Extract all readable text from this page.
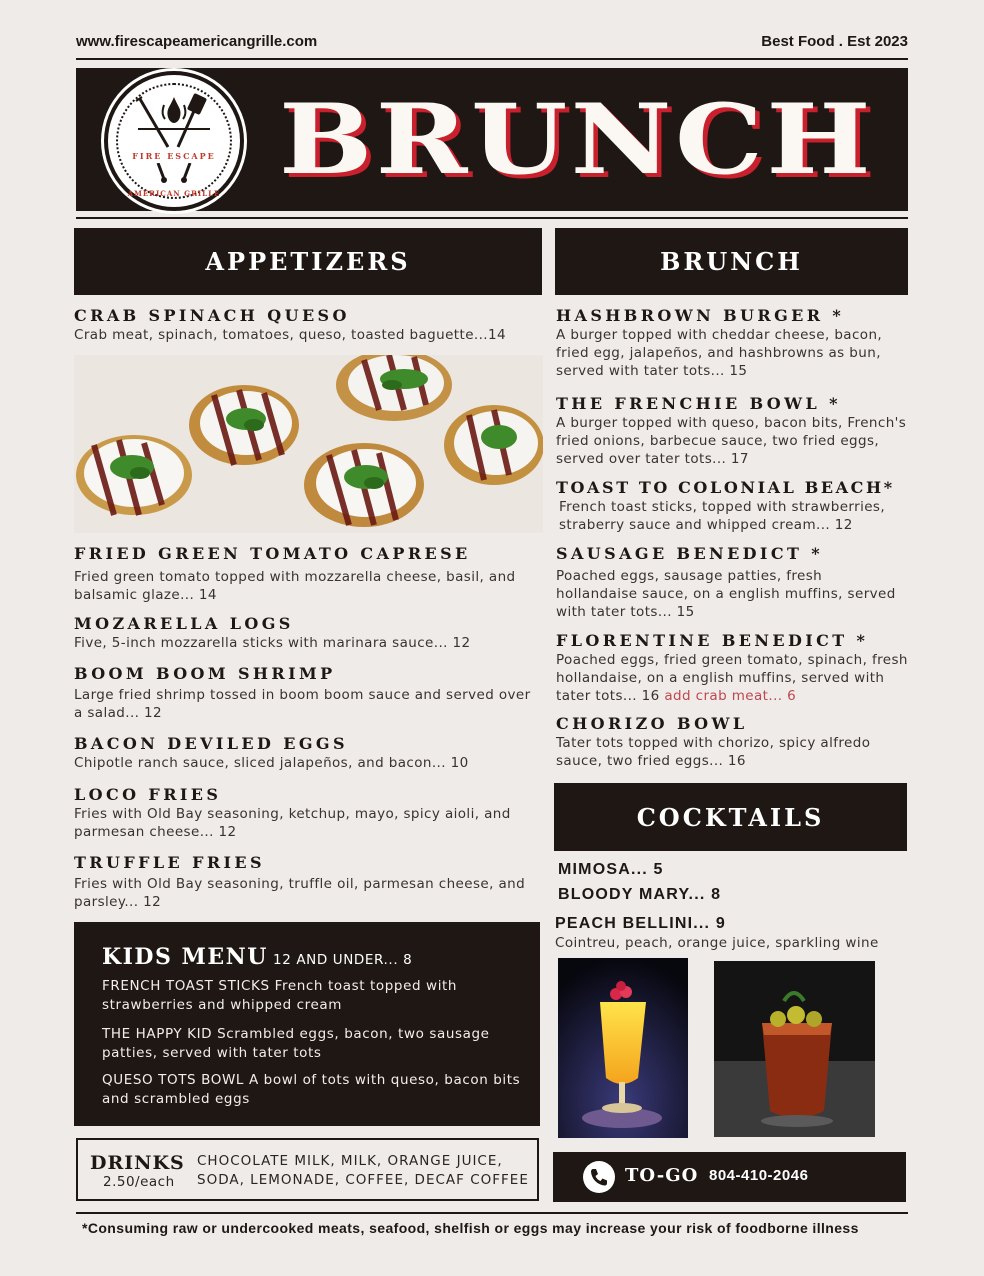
www.firescapeamericangrille.com	Best Food . Est 2023
FIRE ESCAPE
AMERICAN GRILLE BRUNCH
APPETIZERS	BRUNCH
CRAB SPINACH QUESO
Crab meat, spinach, tomatoes, queso, toasted baguette...14
FRIED GREEN TOMATO CAPRESE
Fried green tomato topped with mozzarella cheese, basil, and balsamic glaze... 14
MOZARELLA LOGS
Five, 5-inch mozzarella sticks with marinara sauce... 12
BOOM BOOM SHRIMP
Large fried shrimp tossed in boom boom sauce and served over a salad... 12
BACON DEVILED EGGS
Chipotle ranch sauce, sliced jalapeños, and bacon... 10
LOCO FRIES
Fries with Old Bay seasoning, ketchup, mayo, spicy aioli, and parmesan cheese... 12
TRUFFLE FRIES
Fries with Old Bay seasoning, truffle oil, parmesan cheese, and parsley... 12
HASHBROWN BURGER *
A burger topped with cheddar cheese, bacon, fried egg, jalapeños, and hashbrowns as bun, served with tater tots... 15
THE FRENCHIE BOWL *
A burger topped with queso, bacon bits, French's fried onions, barbecue sauce, two fried eggs, served over tater tots... 17
TOAST TO COLONIAL BEACH*
French toast sticks, topped with strawberries, straberry sauce and whipped cream... 12
SAUSAGE BENEDICT *
Poached eggs, sausage patties, fresh hollandaise sauce, on a english muffins, served with tater tots... 15
FLORENTINE BENEDICT *
Poached eggs, fried green tomato, spinach, fresh hollandaise, on a english muffins, served with tater tots... 16 add crab meat... 6
CHORIZO BOWL
Tater tots topped with chorizo, spicy alfredo sauce, two fried eggs... 16
COCKTAILS
MIMOSA... 5
BLOODY MARY... 8
PEACH BELLINI... 9
Cointreu, peach, orange juice, sparkling wine
KIDS MENU 12 AND UNDER... 8
FRENCH TOAST STICKS French toast topped with strawberries and whipped cream
THE HAPPY KID Scrambled eggs, bacon, two sausage patties, served with tater tots
QUESO TOTS BOWL A bowl of tots with queso, bacon bits and scrambled eggs
DRINKS
2.50/each
CHOCOLATE MILK, MILK, ORANGE JUICE,
SODA, LEMONADE, COFFEE, DECAF COFFEE	TO-GO 804-410-2046
*Consuming raw or undercooked meats, seafood, shelfish or eggs may increase your risk of foodborne illness
